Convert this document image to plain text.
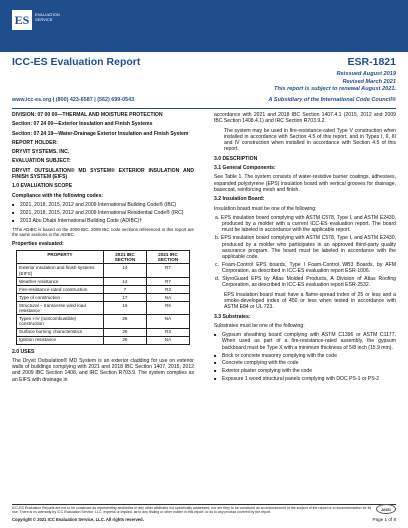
ES	EVALUATION SERVICE
ICC-ES Evaluation Report	ESR-1821
Reissued August 2019
Revised March 2021
This report is subject to renewal August 2021.
www.icc-es.org | (800) 423-6587 | (562) 699-0543	A Subsidiary of the International Code Council®

DIVISION: 07 00 00—THERMAL AND MOISTURE PROTECTION

Section: 07 24 00—Exterior Insulation and Finish Systems

Section: 07 24 19—Water-Drainage Exterior Insulation and Finish System

REPORT HOLDER:

DRYVIT SYSTEMS, INC.

EVALUATION SUBJECT:

DRYVIT OUTSULATION® MD SYSTEM® EXTERIOR INSULATION AND FINISH SYSTEM (EIFS)

1.0 EVALUATION SCOPE

Compliance with the following codes:

■ 2021, 2018, 2015, 2012 and 2009 International Building Code® (IBC)
■ 2021, 2018, 2015, 2012 and 2009 International Residential Code® (IRC)
■ 2013 Abu Dhabi International Building Code (ADIBC)†

†The ADIBC is based on the 2009 IBC. 2009 IBC code sections referenced in this report are the same sections in the ADIBC.

Properties evaluated:

PROPERTY	2021 IBC SECTION	2021 IRC SECTION
Exterior insulation and finish systems (EIFS)	14	R7
Weather resistance	14	R7
Fire-resistance-rated construction	7	R3
Type of construction	17	NA
Structural – transverse wind load resistance	16	R6
Types I-IV (noncombustible) construction	26	NA
Surface burning characteristics	26	R3
Ignition resistance	26	NA
2.0 USES

The Dryvit Outsulation® MD System is an exterior cladding for use on exterior walls of buildings complying with 2021 and 2018 IBC Section 1407, 2015, 2012 and 2009 IBC Section 1408, and IRC Section R703.9. The system complies as an EIFS with drainage in

accordance with 2021 and 2018 IBC Section 1407.4.1 (2015, 2012 and 2009 IBC Section 1408.4.1) and IRC Section R703.9.2.

The system may be used in fire-resistance-rated Type V construction when installed in accordance with Section 4.5 of this report, and in Types I, II, III and IV construction when installed in accordance with Section 4.5 of this report.

3.0 DESCRIPTION
3.1 General Components:

See Table 1. The system consists of water-resistive barrier coatings, adhesives, expanded polystyrene (EPS) insulation board with vertical grooves for drainage, basecoat, reinforcing mesh and finish.

3.2 Insulation Board:

Insulation board must be one of the following:

a. EPS insulation board complying with ASTM C578, Type I, and ASTM E2430, produced by a molder with a current ICC-ES evaluation report. The board must be labeled in accordance with the applicable report.
b. EPS insulation board complying with ASTM C578, Type I, and ASTM E2430, produced by a molder who participates in an approved third-party quality assurance program. The board must be labeled in accordance with the applicable code.
c. Foam-Control EPS boards, Type I Foam-Control WB3 Boards, by AFM Corporation, as described in ICC-ES evaluation report ESR-1006.
d. StyroGuard EPS by Atlas Molded Products, A Division of Atlas Roofing Corporation, as described in ICC-ES evaluation report ESR-2532.

EPS insulation board must have a flame-spread index of 25 or less and a smoke-developed index of 450 or less when tested in accordance with ASTM E84 or UL 723.

3.3 Substrates:

Substrates must be one of the following:

■ Gypsum sheathing board complying with ASTM C1396 or ASTM C1177. When used as part of a fire-resistance-rated assembly, the gypsum backboard must be Type X with a minimum thickness of 5/8 inch (15.9 mm).
■ Brick or concrete masonry complying with the code
■ Concrete complying with the code
■ Exterior plaster complying with the code
■ Exposure 1 wood structural panels complying with DOC PS-1 or PS-2
ICC-ES Evaluation Reports are not to be construed as representing aesthetics or any other attributes not specifically addressed, nor are they to be construed as an endorsement of the subject of the report or a recommendation for its use. There is no warranty by ICC Evaluation Service, LLC, express or implied, as to any finding or other matter in this report, or as to any product covered by the report.
ANSI
Copyright © 2021 ICC Evaluation Service, LLC. All rights reserved.	Page 1 of 8
